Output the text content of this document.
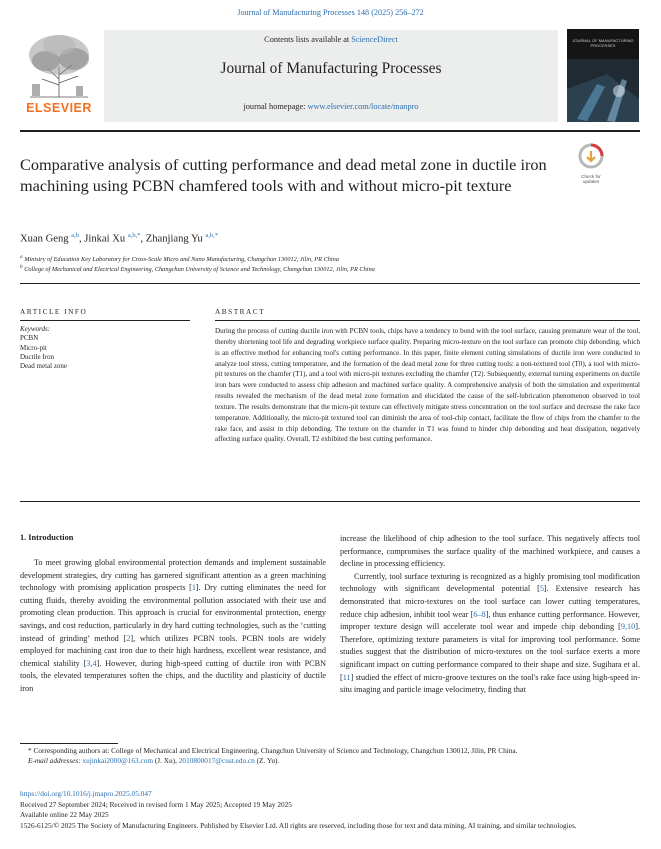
Journal of Manufacturing Processes 148 (2025) 256–272
ELSEVIER
Contents lists available at ScienceDirect
Journal of Manufacturing Processes
journal homepage: www.elsevier.com/locate/manpro
JOURNAL OF MANUFACTURING PROCESSES
Comparative analysis of cutting performance and dead metal zone in ductile iron machining using PCBN chamfered tools with and without micro-pit texture	Check for
updates
Xuan Geng $^{a,b}$, Jinkai Xu $^{a,b,*}$, Zhanjiang Yu $^{a,b,*}$
$^a$ Ministry of Education Key Laboratory for Cross-Scale Micro and Nano Manufacturing, Changchun 130012, Jilin, PR China
$^b$ College of Mechanical and Electrical Engineering, Changchun University of Science and Technology, Changchun 130012, Jilin, PR China
ARTICLE INFO
Keywords:
PCBN
Micro-pit
Ductile Iron
Dead metal zone
ABSTRACT
During the process of cutting ductile iron with PCBN tools, chips have a tendency to bond with the tool surface, causing premature wear of the tool, thereby shortening tool life and degrading workpiece surface quality. Preparing micro-texture on the tool surface can promote chip debonding, which is an effective method for enhancing tool's cutting performance. In this paper, finite element cutting simulations of ductile iron were conducted to analyze tool stress, cutting temperature, and the formation of the dead metal zone for three cutting tools: a non-textured tool (T0), a tool with micro-pit textures on the chamfer (T1), and a tool with micro-pit textures excluding the chamfer (T2). Subsequently, external turning experiments on ductile iron bars were conducted to assess chip adhesion and machined surface quality. A comprehensive analysis of both the simulation and experimental results revealed the mechanism of the dead metal zone formation and elucidated the cause of the self-lubrication phenomenon observed in tool texture. The results demonstrate that the micro-pit texture can effectively mitigate stress concentration on the tool surface and decrease the rake face temperature. Additionally, the micro-pit textured tool can diminish the area of tool-chip contact, facilitate the flow of chips from the chamfer to the rake face, and assist in chip debonding. The texture on the chamfer in T1 was found to hinder chip debonding and heat dissipation, negatively affecting surface quality. Overall, T2 exhibited the best cutting performance.
1. Introduction

To meet growing global environmental protection demands and implement sustainable development strategies, dry cutting has garnered significant attention as a green machining technology with promising application prospects [1]. Dry cutting eliminates the need for cutting fluids, thereby avoiding the environmental pollution associated with their use and promoting clean production. This approach is crucial for environmental protection, energy savings, and cost reduction, particularly in dry hard cutting technologies, such as the ‘cutting instead of grinding’ method [2], which utilizes PCBN tools. PCBN tools are widely employed for machining cast iron due to their high hardness, excellent wear resistance, and chemical stability [3,4]. However, during high-speed cutting of ductile iron with PCBN tools, the elevated temperatures soften the chips, and the ductility and plasticity of ductile iron

increase the likelihood of chip adhesion to the tool surface. This negatively affects tool performance, compromises the surface quality of the machined workpiece, and causes a decline in processing efficiency.

Currently, tool surface texturing is recognized as a highly promising tool modification technology with significant developmental potential [5]. Extensive research has demonstrated that micro-textures on the tool surface can lower cutting temperatures, reduce chip adhesion, inhibit tool wear [6–8], thus enhance cutting performance. However, improper texture design will accelerate tool wear and impede chip debonding [9,10]. Therefore, optimizing texture parameters is vital for improving tool performance. Some studies suggest that the distribution of micro-textures on the tool surface exerts a more significant impact on cutting performance compared to their shape and size. Sugihara et al. [11] studied the effect of micro-groove textures on the tool's rake face using high-speed in-situ imaging and particle image velocimetry, finding that

* Corresponding authors at: College of Mechanical and Electrical Engineering, Changchun University of Science and Technology, Changchun 130012, Jilin, PR China.
E-mail addresses: xujinkai2000@163.com (J. Xu), 2010800017@cust.edu.cn (Z. Yu).
https://doi.org/10.1016/j.jmapro.2025.05.047
Received 27 September 2024; Received in revised form 1 May 2025; Accepted 19 May 2025
Available online 22 May 2025
1526-6125/© 2025 The Society of Manufacturing Engineers. Published by Elsevier Ltd. All rights are reserved, including those for text and data mining, AI training, and similar technologies.
